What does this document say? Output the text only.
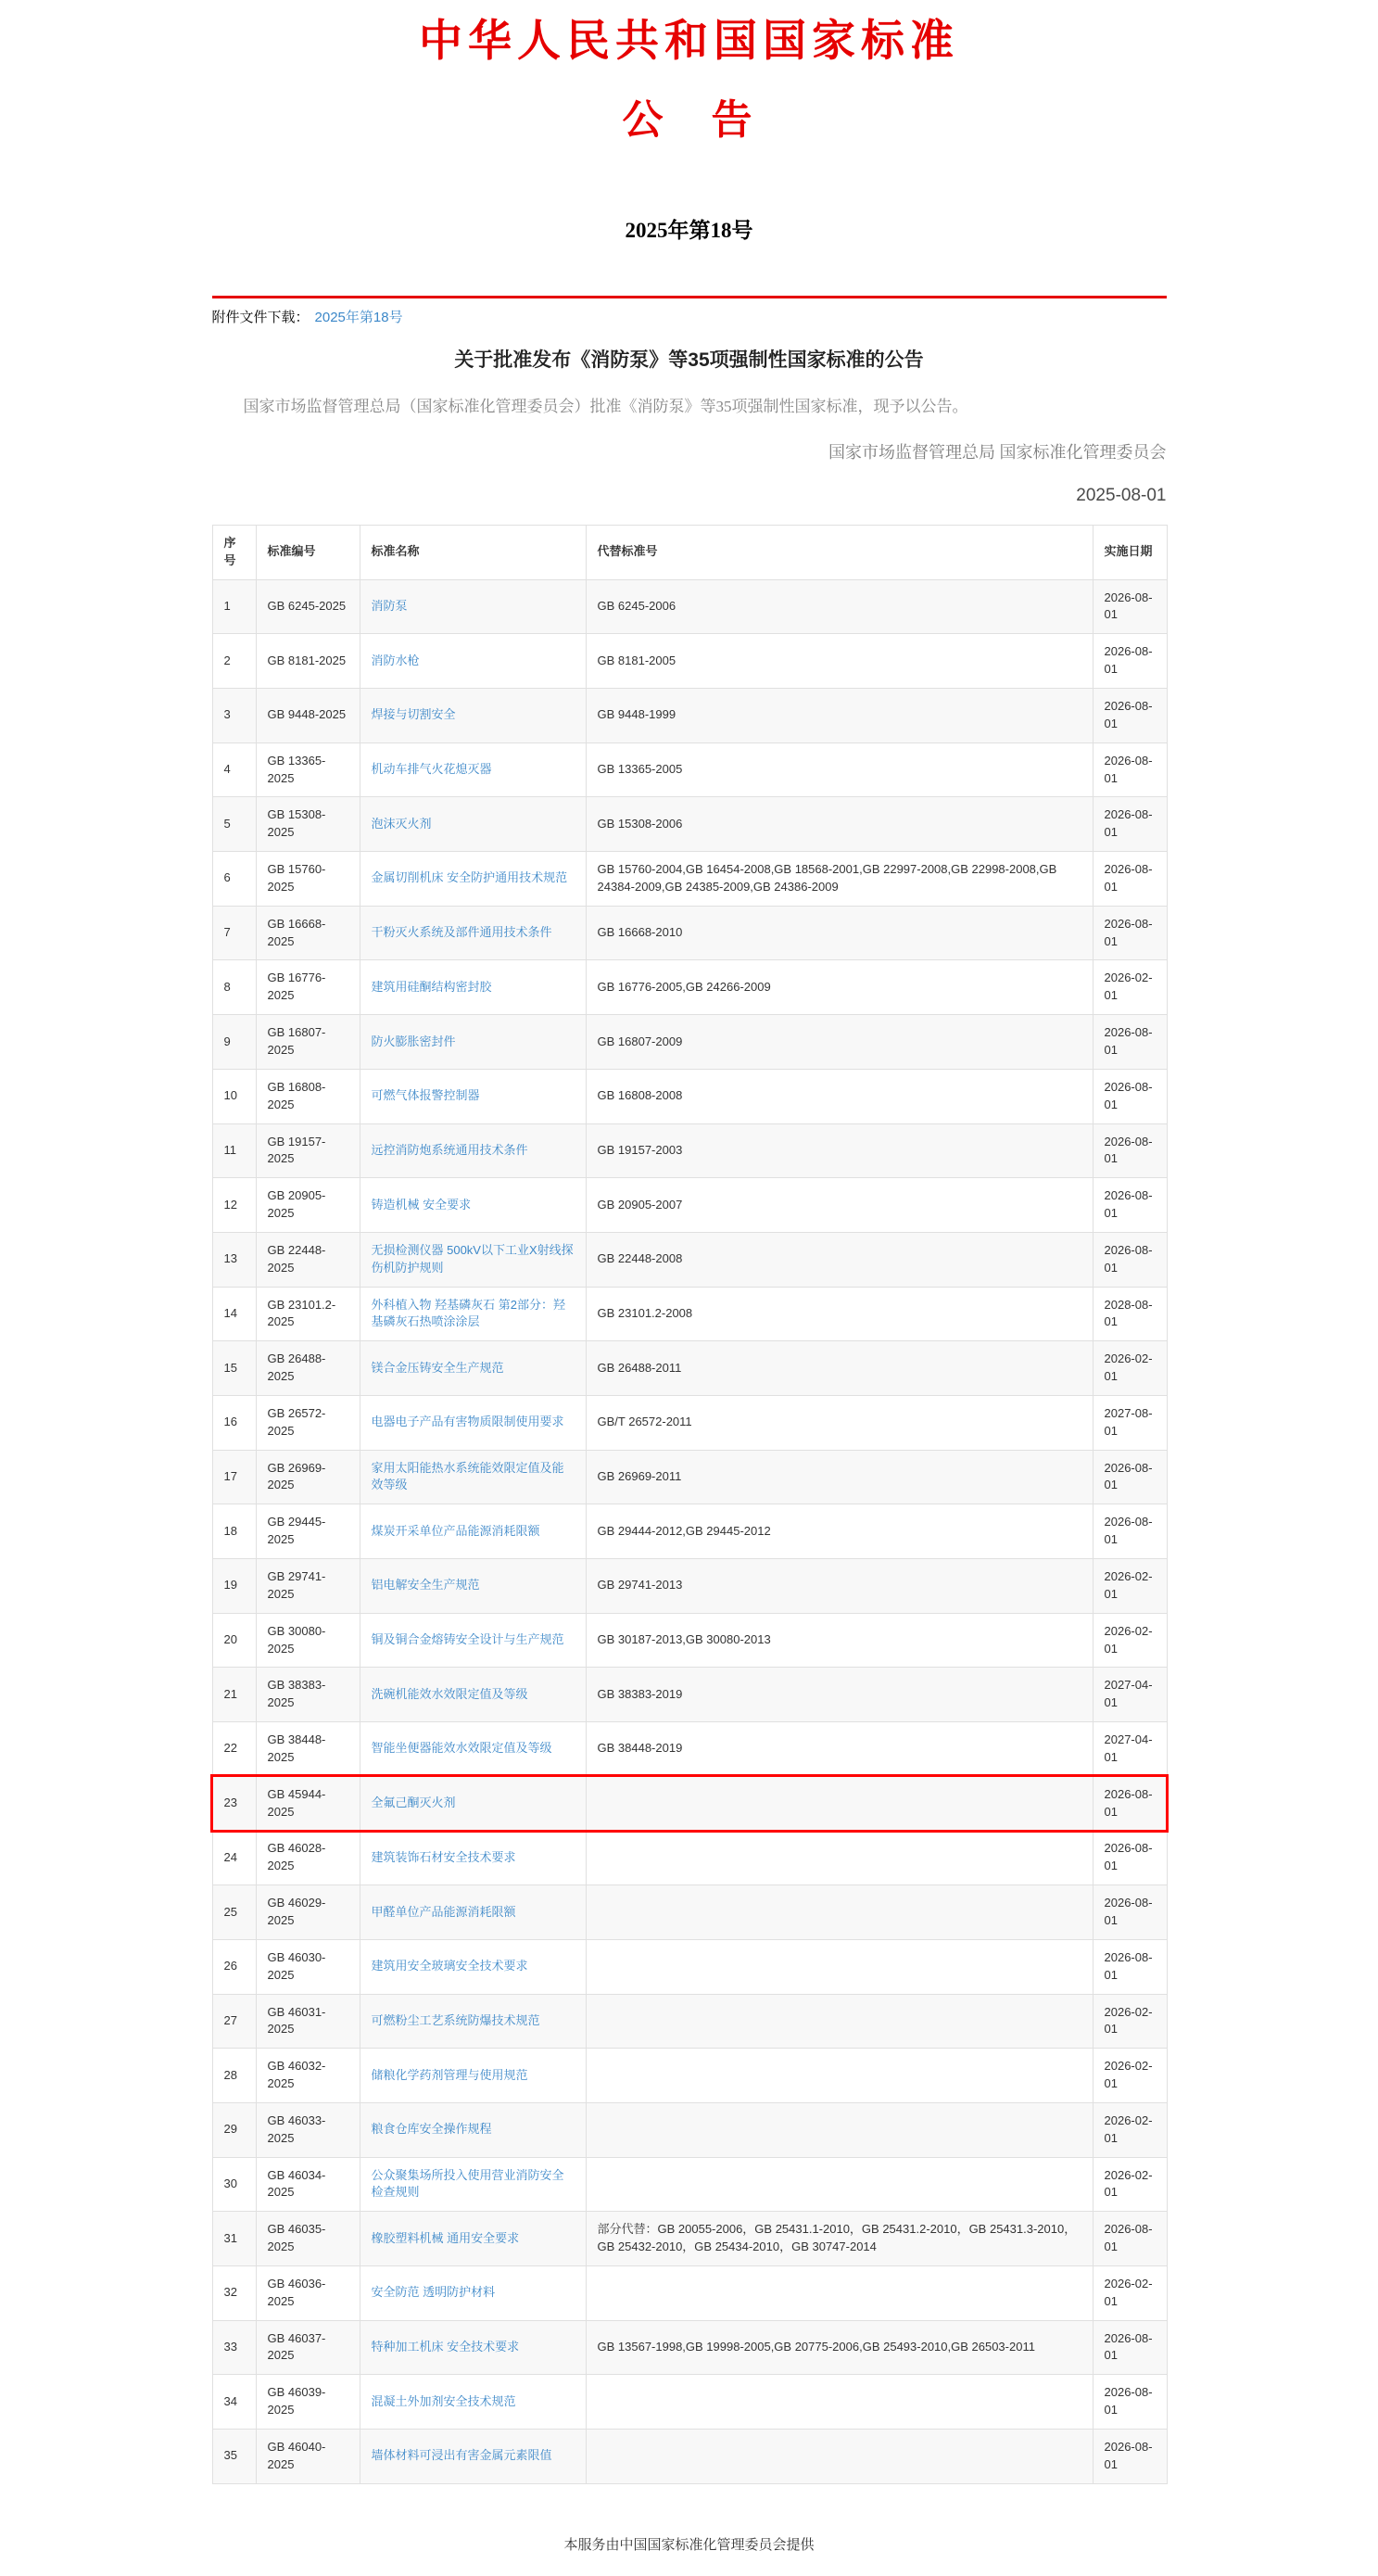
中华人民共和国国家标准
公　告
2025年第18号
附件文件下载： 2025年第18号
关于批准发布《消防泵》等35项强制性国家标准的公告

国家市场监督管理总局（国家标准化管理委员会）批准《消防泵》等35项强制性国家标准，现予以公告。

国家市场监督管理总局 国家标准化管理委员会
2025-08-01
序号	标准编号	标准名称	代替标准号	实施日期
1	GB 6245-2025	消防泵	GB 6245-2006	2026-08-01
2	GB 8181-2025	消防水枪	GB 8181-2005	2026-08-01
3	GB 9448-2025	焊接与切割安全	GB 9448-1999	2026-08-01
4	GB 13365-2025	机动车排气火花熄灭器	GB 13365-2005	2026-08-01
5	GB 15308-2025	泡沫灭火剂	GB 15308-2006	2026-08-01
6	GB 15760-2025	金属切削机床 安全防护通用技术规范	GB 15760-2004,GB 16454-2008,GB 18568-2001,GB 22997-2008,GB 22998-2008,GB 24384-2009,GB 24385-2009,GB 24386-2009	2026-08-01
7	GB 16668-2025	干粉灭火系统及部件通用技术条件	GB 16668-2010	2026-08-01
8	GB 16776-2025	建筑用硅酮结构密封胶	GB 16776-2005,GB 24266-2009	2026-02-01
9	GB 16807-2025	防火膨胀密封件	GB 16807-2009	2026-08-01
10	GB 16808-2025	可燃气体报警控制器	GB 16808-2008	2026-08-01
11	GB 19157-2025	远控消防炮系统通用技术条件	GB 19157-2003	2026-08-01
12	GB 20905-2025	铸造机械 安全要求	GB 20905-2007	2026-08-01
13	GB 22448-2025	无损检测仪器 500kV以下工业X射线探伤机防护规则	GB 22448-2008	2026-08-01
14	GB 23101.2-2025	外科植入物 羟基磷灰石 第2部分：羟基磷灰石热喷涂涂层	GB 23101.2-2008	2028-08-01
15	GB 26488-2025	镁合金压铸安全生产规范	GB 26488-2011	2026-02-01
16	GB 26572-2025	电器电子产品有害物质限制使用要求	GB/T 26572-2011	2027-08-01
17	GB 26969-2025	家用太阳能热水系统能效限定值及能效等级	GB 26969-2011	2026-08-01
18	GB 29445-2025	煤炭开采单位产品能源消耗限额	GB 29444-2012,GB 29445-2012	2026-08-01
19	GB 29741-2025	铝电解安全生产规范	GB 29741-2013	2026-02-01
20	GB 30080-2025	铜及铜合金熔铸安全设计与生产规范	GB 30187-2013,GB 30080-2013	2026-02-01
21	GB 38383-2025	洗碗机能效水效限定值及等级	GB 38383-2019	2027-04-01
22	GB 38448-2025	智能坐便器能效水效限定值及等级	GB 38448-2019	2027-04-01
23	GB 45944-2025	全氟己酮灭火剂		2026-08-01
24	GB 46028-2025	建筑装饰石材安全技术要求		2026-08-01
25	GB 46029-2025	甲醛单位产品能源消耗限额		2026-08-01
26	GB 46030-2025	建筑用安全玻璃安全技术要求		2026-08-01
27	GB 46031-2025	可燃粉尘工艺系统防爆技术规范		2026-02-01
28	GB 46032-2025	储粮化学药剂管理与使用规范		2026-02-01
29	GB 46033-2025	粮食仓库安全操作规程		2026-02-01
30	GB 46034-2025	公众聚集场所投入使用营业消防安全检查规则		2026-02-01
31	GB 46035-2025	橡胶塑料机械 通用安全要求	部分代替：GB 20055-2006，GB 25431.1-2010，GB 25431.2-2010，GB 25431.3-2010，GB 25432-2010，GB 25434-2010，GB 30747-2014	2026-08-01
32	GB 46036-2025	安全防范 透明防护材料		2026-02-01
33	GB 46037-2025	特种加工机床 安全技术要求	GB 13567-1998,GB 19998-2005,GB 20775-2006,GB 25493-2010,GB 26503-2011	2026-08-01
34	GB 46039-2025	混凝土外加剂安全技术规范		2026-08-01
35	GB 46040-2025	墙体材料可浸出有害金属元素限值		2026-08-01
本服务由中国国家标准化管理委员会提供
